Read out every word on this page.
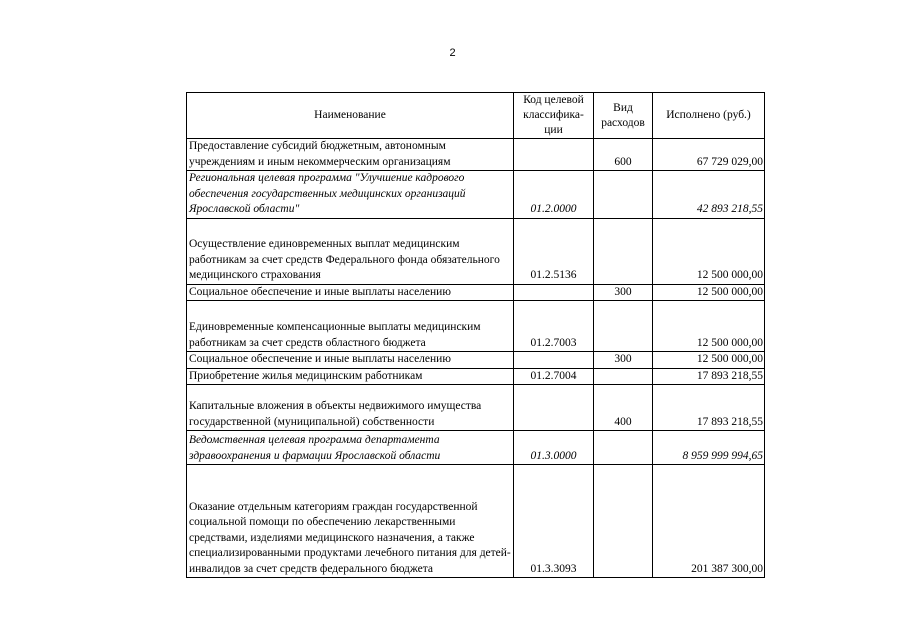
2
Наименование	Код целевой классифика-ции	Вид расходов	Исполнено (руб.)
Предоставление субсидий бюджетным, автономным учреждениям и иным некоммерческим организациям		600	67 729 029,00
Региональная целевая программа "Улучшение кадрового обеспечения государственных медицинских организаций Ярославской области"	01.2.0000		42 893 218,55
Осуществление единовременных выплат медицинским работникам за счет средств Федерального фонда обязательного медицинского страхования	01.2.5136		12 500 000,00
Социальное обеспечение и иные выплаты населению		300	12 500 000,00
Единовременные компенсационные выплаты медицинским работникам за счет средств областного бюджета	01.2.7003		12 500 000,00
Социальное обеспечение и иные выплаты населению		300	12 500 000,00
Приобретение жилья медицинским работникам	01.2.7004		17 893 218,55
Капитальные вложения в объекты недвижимого имущества государственной (муниципальной) собственности		400	17 893 218,55
Ведомственная целевая программа департамента здравоохранения и фармации Ярославской области	01.3.0000		8 959 999 994,65
Оказание отдельным категориям граждан государственной социальной помощи по обеспечению лекарственными средствами, изделиями медицинского назначения, а также специализированными продуктами лечебного питания для детей-инвалидов за счет средств федерального бюджета	01.3.3093		201 387 300,00
